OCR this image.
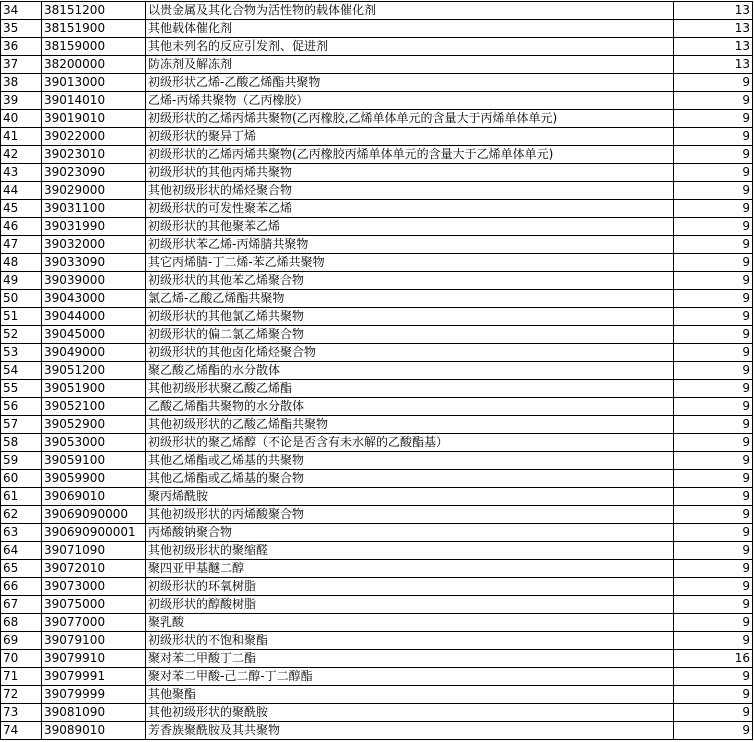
34	38151200	以贵金属及其化合物为活性物的载体催化剂	13
35	38151900	其他载体催化剂	13
36	38159000	其他未列名的反应引发剂、促进剂	13
37	38200000	防冻剂及解冻剂	13
38	39013000	初级形状乙烯-乙酸乙烯酯共聚物	9
39	39014010	乙烯-丙烯共聚物（乙丙橡胶）	9
40	39019010	初级形状的乙烯丙烯共聚物(乙丙橡胶,乙烯单体单元的含量大于丙烯单体单元)	9
41	39022000	初级形状的聚异丁烯	9
42	39023010	初级形状的乙烯丙烯共聚物(乙丙橡胶丙烯单体单元的含量大于乙烯单体单元)	9
43	39023090	初级形状的其他丙烯共聚物	9
44	39029000	其他初级形状的烯烃聚合物	9
45	39031100	初级形状的可发性聚苯乙烯	9
46	39031990	初级形状的其他聚苯乙烯	9
47	39032000	初级形状苯乙烯-丙烯腈共聚物	9
48	39033090	其它丙烯腈-丁二烯-苯乙烯共聚物	9
49	39039000	初级形状的其他苯乙烯聚合物	9
50	39043000	氯乙烯-乙酸乙烯酯共聚物	9
51	39044000	初级形状的其他氯乙烯共聚物	9
52	39045000	初级形状的偏二氯乙烯聚合物	9
53	39049000	初级形状的其他卤化烯烃聚合物	9
54	39051200	聚乙酸乙烯酯的水分散体	9
55	39051900	其他初级形状聚乙酸乙烯酯	9
56	39052100	乙酸乙烯酯共聚物的水分散体	9
57	39052900	其他初级形状的乙酸乙烯酯共聚物	9
58	39053000	初级形状的聚乙烯醇（不论是否含有未水解的乙酸酯基）	9
59	39059100	其他乙烯酯或乙烯基的共聚物	9
60	39059900	其他乙烯酯或乙烯基的聚合物	9
61	39069010	聚丙烯酰胺	9
62	39069090000	其他初级形状的丙烯酸聚合物	9
63	390690900001	丙烯酸钠聚合物	9
64	39071090	其他初级形状的聚缩醛	9
65	39072010	聚四亚甲基醚二醇	9
66	39073000	初级形状的环氧树脂	9
67	39075000	初级形状的醇酸树脂	9
68	39077000	聚乳酸	9
69	39079100	初级形状的不饱和聚酯	9
70	39079910	聚对苯二甲酸丁二酯	16
71	39079991	聚对苯二甲酸-己二醇-丁二醇酯	9
72	39079999	其他聚酯	9
73	39081090	其他初级形状的聚酰胺	9
74	39089010	芳香族聚酰胺及其共聚物	9
